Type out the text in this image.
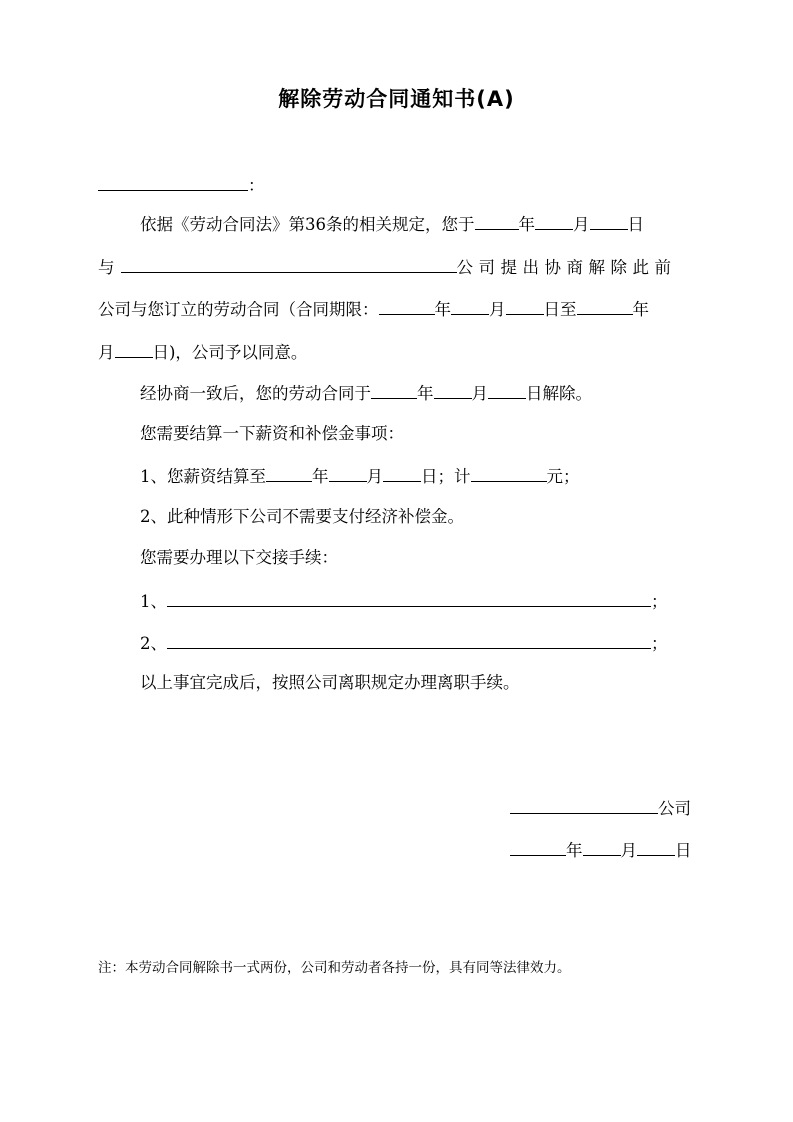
解除劳动合同通知书(A)
：
依据《劳动合同法》第36条的相关规定，您于	年 月 日
与	公司提出协商解除此前
公司与您订立的劳动合同（合同期限：	年 月 日至	年
月 日)，公司予以同意。
经协商一致后，您的劳动合同于	年 月 日解除。
您需要结算一下薪资和补偿金事项：
1、您薪资结算至	年 月 日；计	元；
2、此种情形下公司不需要支付经济补偿金。
您需要办理以下交接手续：
1、	；
2、	；
以上事宜完成后，按照公司离职规定办理离职手续。
公司
年 月 日
注：本劳动合同解除书一式两份，公司和劳动者各持一份，具有同等法律效力。
